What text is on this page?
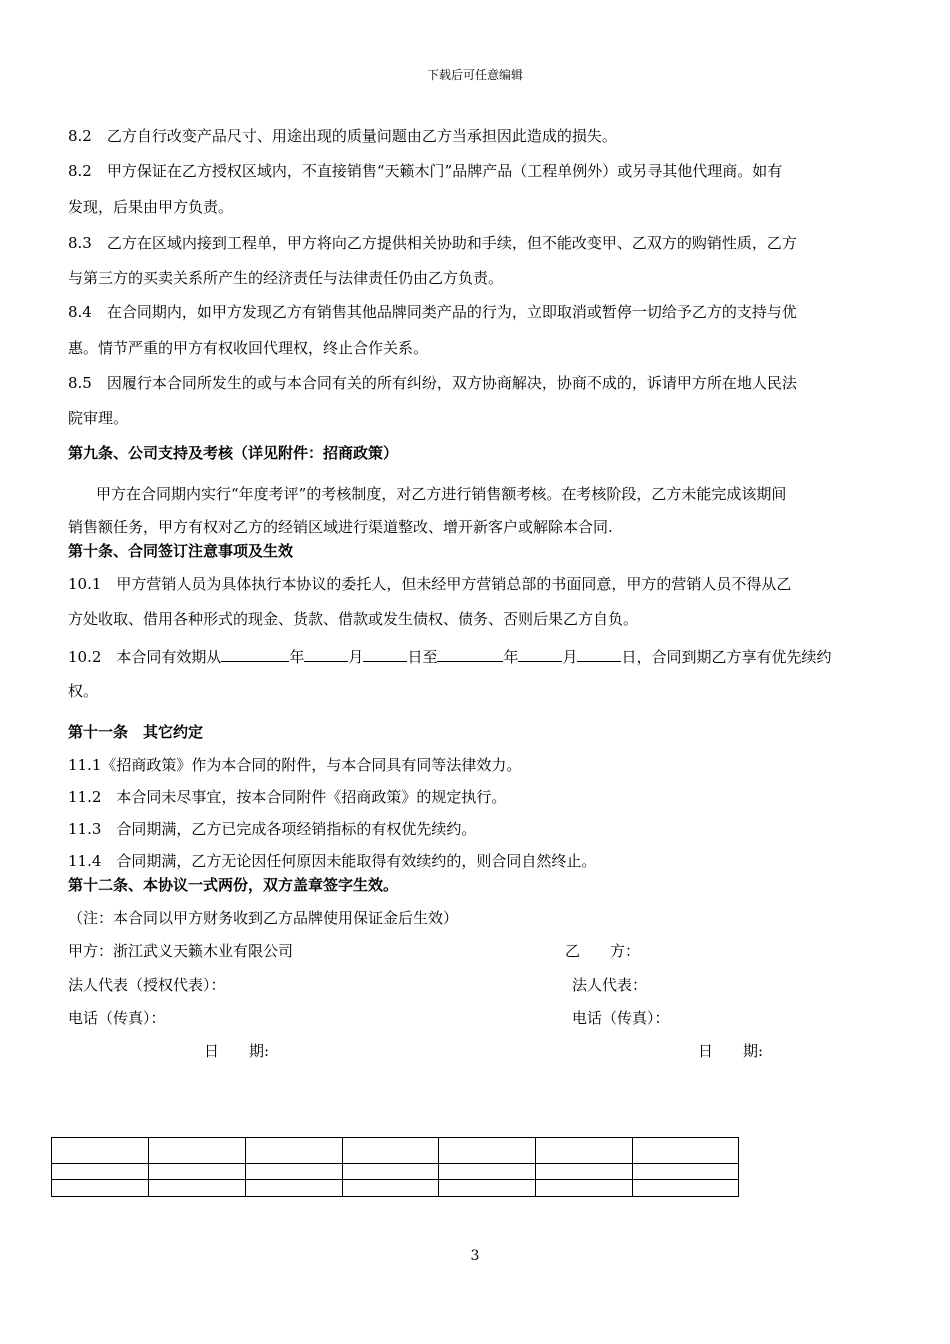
下载后可任意编辑
8.2　乙方自行改变产品尺寸、用途出现的质量问题由乙方当承担因此造成的损失。
8.2　甲方保证在乙方授权区域内，不直接销售“天籁木门”品牌产品（工程单例外）或另寻其他代理商。如有
发现，后果由甲方负责。
8.3　乙方在区域内接到工程单，甲方将向乙方提供相关协助和手续，但不能改变甲、乙双方的购销性质，乙方
与第三方的买卖关系所产生的经济责任与法律责任仍由乙方负责。
8.4　在合同期内，如甲方发现乙方有销售其他品牌同类产品的行为，立即取消或暂停一切给予乙方的支持与优
惠。情节严重的甲方有权收回代理权，终止合作关系。
8.5　因履行本合同所发生的或与本合同有关的所有纠纷，双方协商解决，协商不成的，诉请甲方所在地人民法
院审理。
第九条、公司支持及考核（详见附件：招商政策）
甲方在合同期内实行“年度考评”的考核制度，对乙方进行销售额考核。在考核阶段，乙方未能完成该期间
销售额任务，甲方有权对乙方的经销区域进行渠道整改、增开新客户或解除本合同.
第十条、合同签订注意事项及生效
10.1　甲方营销人员为具体执行本协议的委托人，但未经甲方营销总部的书面同意，甲方的营销人员不得从乙
方处收取、借用各种形式的现金、货款、借款或发生债权、债务、否则后果乙方自负。
10.2　本合同有效期从	年	月	日至	年	月	日，合同到期乙方享有优先续约
权。
第十一条　其它约定
11.1《招商政策》作为本合同的附件，与本合同具有同等法律效力。
11.2　本合同未尽事宜，按本合同附件《招商政策》的规定执行。
11.3　合同期满，乙方已完成各项经销指标的有权优先续约。
11.4　合同期满，乙方无论因任何原因未能取得有效续约的，则合同自然终止。
第十二条、本协议一式两份，双方盖章签字生效。
（注：本合同以甲方财务收到乙方品牌使用保证金后生效）
甲方：浙江武义天籁木业有限公司	乙　　方：
法人代表（授权代表）：	法人代表：
电话（传真）：	电话（传真）：
日　　期:	日　　期:

3
